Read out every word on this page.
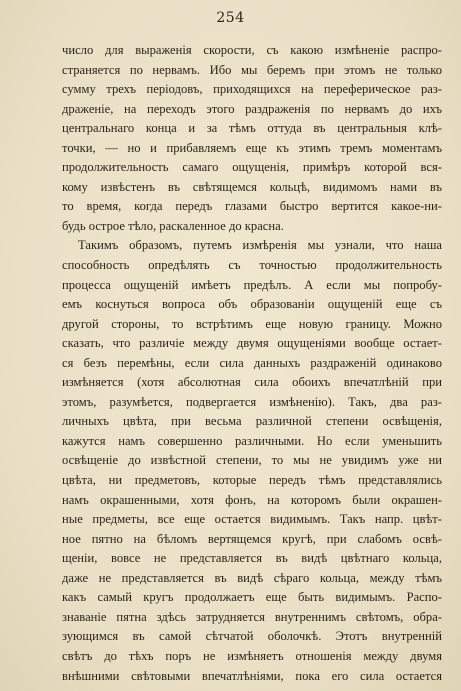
254
число для выраженія скорости, съ какою измѣненіе распро-
страняется по нервамъ. Ибо мы беремъ при этомъ не только
сумму трехъ періодовъ, приходящихся на переферическое раз-
драженіе, на переходъ этого раздраженія по нервамъ до ихъ
центральнаго конца и за тѣмъ оттуда въ центральныя клѣ-
точки, — но и прибавляемъ еще къ этимъ тремъ моментамъ
продолжительность самаго ощущенія, примѣръ которой вся-
кому извѣстенъ въ свѣтящемся кольцѣ, видимомъ нами въ
то время, когда передъ глазами быстро вертится какое-ни-
будь острое тѣло, раскаленное до красна.
Такимъ образомъ, путемъ измѣренія мы узнали, что наша
способность опредѣлять съ точностью продолжительность
процесса ощущеній имѣетъ предѣлъ. А если мы попробу-
емъ коснуться вопроса объ образованіи ощущеній еще съ
другой стороны, то встрѣтимъ еще новую границу. Можно
сказать, что различіе между двумя ощущеніями вообще остает-
ся безъ перемѣны, если сила данныхъ раздраженій одинаково
измѣняется (хотя абсолютная сила обоихъ впечатлѣній при
этомъ, разумѣется, подвергается измѣненію). Такъ, два раз-
личныхъ цвѣта, при весьма различной степени освѣщенія,
кажутся намъ совершенно различными. Но если уменьшить
освѣщеніе до извѣстной степени, то мы не увидимъ уже ни
цвѣта, ни предметовъ, которые передъ тѣмъ представлялись
намъ окрашенными, хотя фонъ, на которомъ были окрашен-
ные предметы, все еще остается видимымъ. Такъ напр. цвѣт-
ное пятно на бѣломъ вертящемся кругѣ, при слабомъ освѣ-
щеніи, вовсе не представляется въ видѣ цвѣтнаго кольца,
даже не представляется въ видѣ сѣраго кольца, между тѣмъ
какъ самый кругъ продолжаетъ еще быть видимымъ. Распо-
знаваніе пятна здѣсь затрудняется внутреннимъ свѣтомъ, обра-
зующимся въ самой сѣтчатой оболочкѣ. Этотъ внутренній
свѣтъ до тѣхъ поръ не измѣняетъ отношенія между двумя
внѣшними свѣтовыми впечатлѣніями, пока его сила остается
